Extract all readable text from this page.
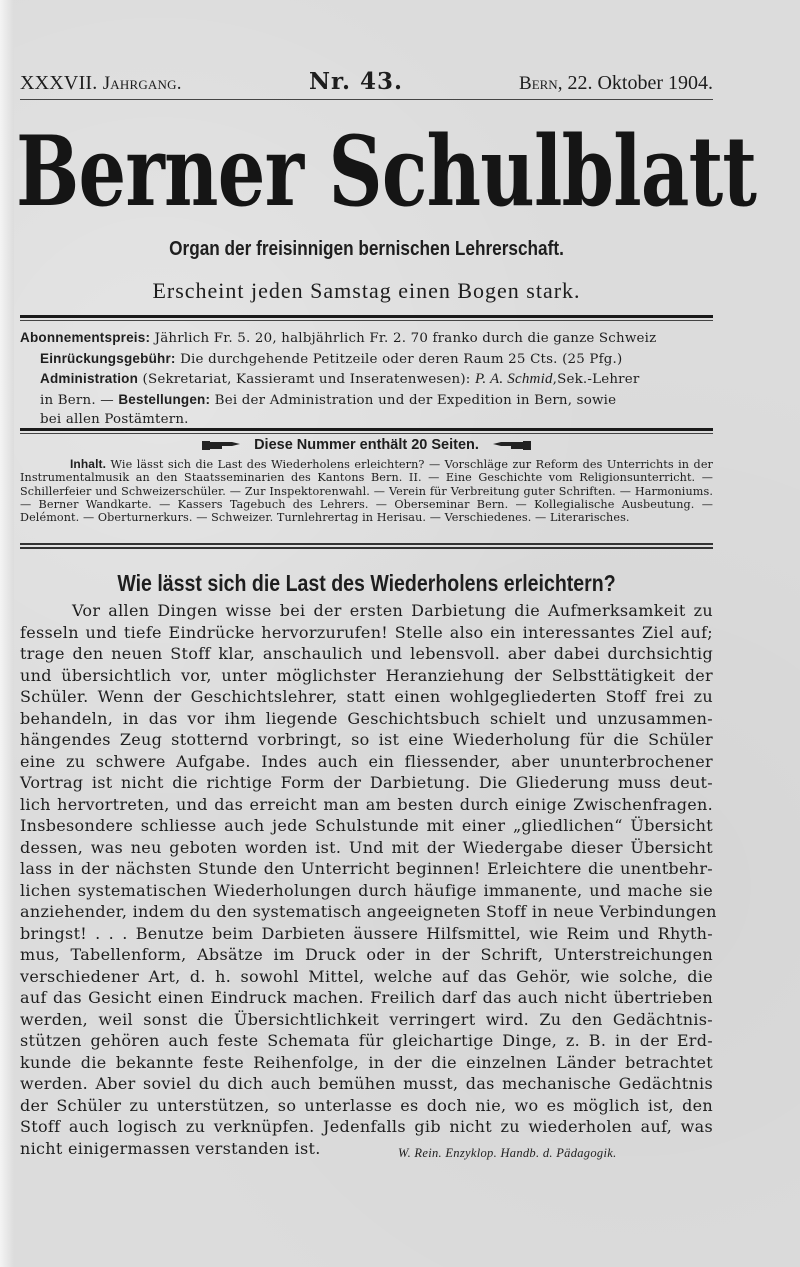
XXXVII. Jahrgang.	Nr. 43.	Bern, 22. Oktober 1904.
Berner Schulblatt
Organ der freisinnigen bernischen Lehrerschaft.
Erscheint jeden Samstag einen Bogen stark.

Abonnementspreis: Jährlich Fr. 5. 20, halbjährlich Fr. 2. 70 franko durch die ganze Schweiz

Einrückungsgebühr: Die durchgehende Petitzeile oder deren Raum 25 Cts. (25 Pfg.)

Administration (Sekretariat, Kassieramt und Inseratenwesen): P. A. Schmid,Sek.-Lehrer

in Bern. — Bestellungen: Bei der Administration und der Expedition in Bern, sowie

bei allen Postämtern.

Diese Nummer enthält 20 Seiten.
Inhalt. Wie lässt sich die Last des Wiederholens erleichtern? — Vorschläge zur Reform des Unterrichts in der Instrumentalmusik an den Staatsseminarien des Kantons Bern. II. — Eine Geschichte vom Religionsunterricht. — Schillerfeier und Schweizerschüler. — Zur Inspektorenwahl. — Verein für Verbreitung guter Schriften. — Harmoniums. — Berner Wandkarte. — Kassers Tagebuch des Lehrers. — Oberseminar Bern. — Kollegialische Ausbeutung. — Delémont. — Oberturnerkurs. — Schweizer. Turnlehrertag in Herisau. — Verschiedenes. — Literarisches.
Wie lässt sich die Last des Wiederholens erleichtern?
Vor allen Dingen wisse bei der ersten Darbietung die Aufmerksamkeit zu
fesseln und tiefe Eindrücke hervorzurufen! Stelle also ein interessantes Ziel auf;
trage den neuen Stoff klar, anschaulich und lebensvoll. aber dabei durchsichtig
und übersichtlich vor, unter möglichster Heranziehung der Selbsttätigkeit der
Schüler. Wenn der Geschichtslehrer, statt einen wohlgegliederten Stoff frei zu
behandeln, in das vor ihm liegende Geschichtsbuch schielt und unzusammen-
hängendes Zeug stotternd vorbringt, so ist eine Wiederholung für die Schüler
eine zu schwere Aufgabe. Indes auch ein fliessender, aber ununterbrochener
Vortrag ist nicht die richtige Form der Darbietung. Die Gliederung muss deut-
lich hervortreten, und das erreicht man am besten durch einige Zwischenfragen.
Insbesondere schliesse auch jede Schulstunde mit einer „gliedlichen“ Übersicht
dessen, was neu geboten worden ist. Und mit der Wiedergabe dieser Übersicht
lass in der nächsten Stunde den Unterricht beginnen! Erleichtere die unentbehr-
lichen systematischen Wiederholungen durch häufige immanente, und mache sie
anziehender, indem du den systematisch angeeigneten Stoff in neue Verbindungen
bringst! . . . Benutze beim Darbieten äussere Hilfsmittel, wie Reim und Rhyth-
mus, Tabellenform, Absätze im Druck oder in der Schrift, Unterstreichungen
verschiedener Art, d. h. sowohl Mittel, welche auf das Gehör, wie solche, die
auf das Gesicht einen Eindruck machen. Freilich darf das auch nicht übertrieben
werden, weil sonst die Übersichtlichkeit verringert wird. Zu den Gedächtnis-
stützen gehören auch feste Schemata für gleichartige Dinge, z. B. in der Erd-
kunde die bekannte feste Reihenfolge, in der die einzelnen Länder betrachtet
werden. Aber soviel du dich auch bemühen musst, das mechanische Gedächtnis
der Schüler zu unterstützen, so unterlasse es doch nie, wo es möglich ist, den
Stoff auch logisch zu verknüpfen. Jedenfalls gib nicht zu wiederholen auf, was
nicht einigermassen verstanden ist.	W. Rein. Enzyklop. Handb. d. Pädagogik.
